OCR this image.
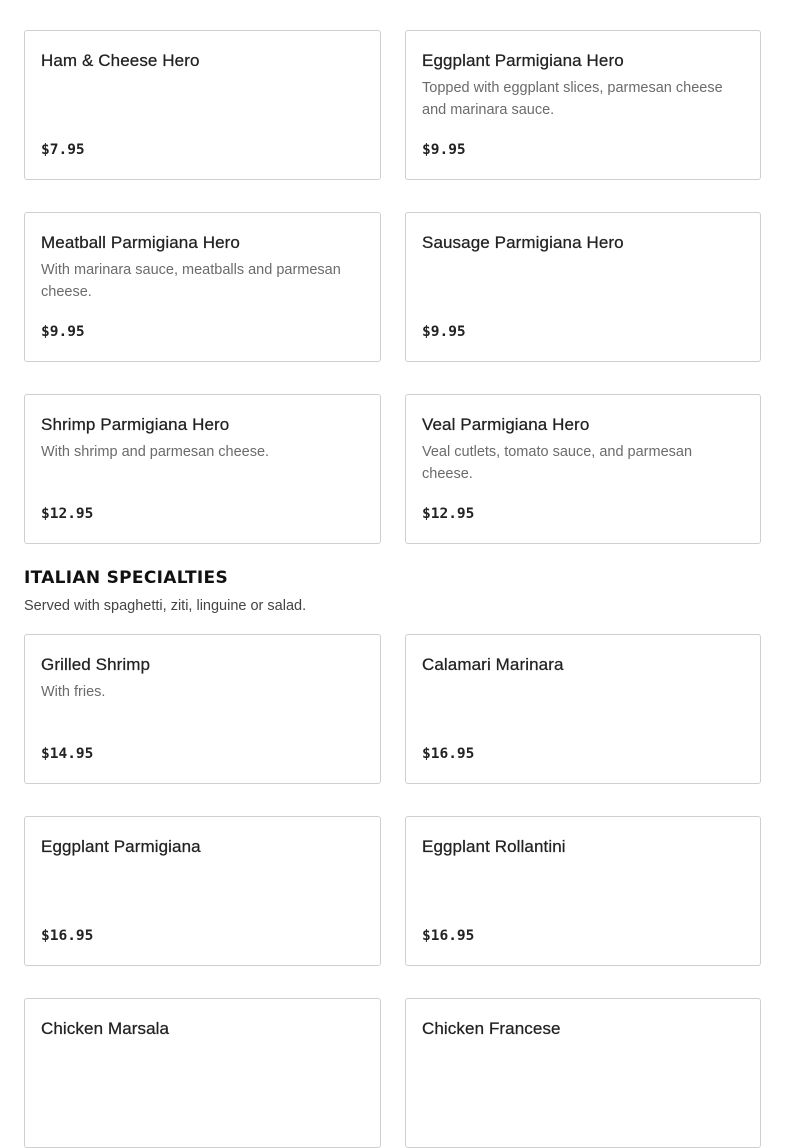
Ham & Cheese Hero
$7.95
Eggplant Parmigiana Hero
Topped with eggplant slices, parmesan cheese and marinara sauce.
$9.95
Meatball Parmigiana Hero
With marinara sauce, meatballs and parmesan cheese.
$9.95
Sausage Parmigiana Hero
$9.95
Shrimp Parmigiana Hero
With shrimp and parmesan cheese.
$12.95
Veal Parmigiana Hero
Veal cutlets, tomato sauce, and parmesan cheese.
$12.95
ITALIAN SPECIALTIES
Served with spaghetti, ziti, linguine or salad.
Grilled Shrimp
With fries.
$14.95
Calamari Marinara
$16.95
Eggplant Parmigiana
$16.95
Eggplant Rollantini
$16.95
Chicken Marsala	Chicken Francese
